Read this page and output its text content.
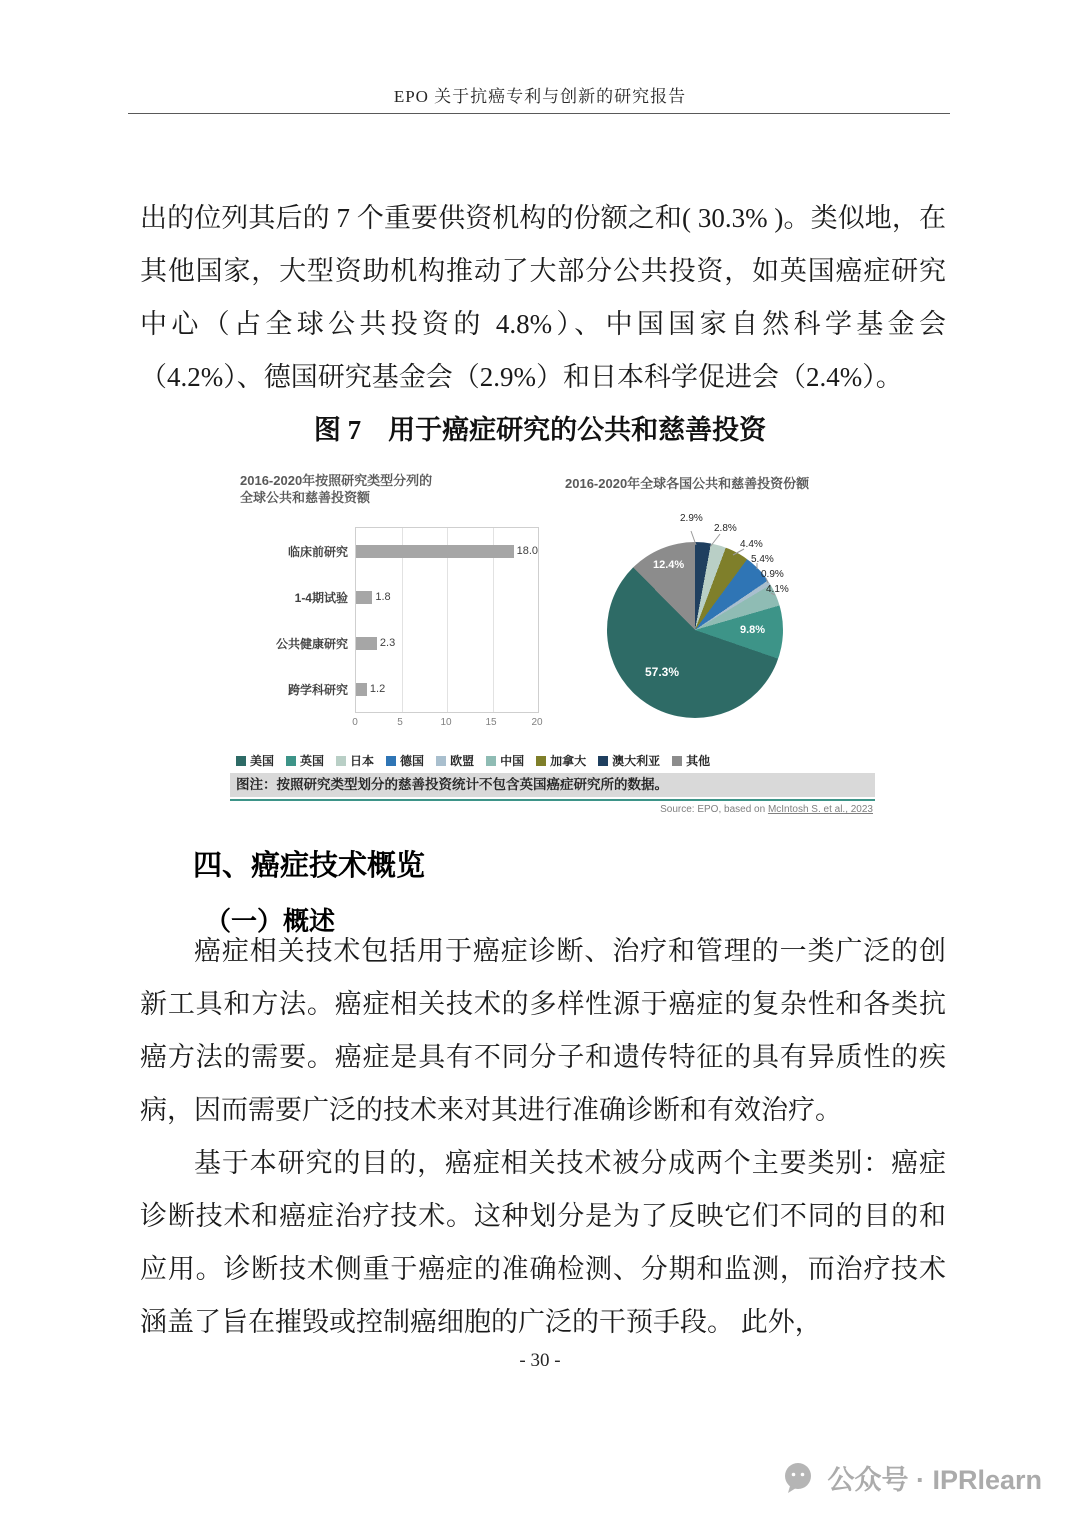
EPO 关于抗癌专利与创新的研究报告
出的位列其后的 7 个重要供资机构的份额之和( 30.3% )。类似地，在其他国家，大型资助机构推动了大部分公共投资，如英国癌症研究中心（占全球公共投资的 4.8%）、中国国家自然科学基金会（4.2%）、德国研究基金会（2.9%）和日本科学促进会（2.4%）。
图 7　用于癌症研究的公共和慈善投资
2016-2020年按照研究类型分列的
全球公共和慈善投资额
2016-2020年全球各国公共和慈善投资份额
临床前研究
1-4期试验
公共健康研究
跨学科研究
18.0
1.8
2.3
1.2
0	5	10	15	20
2.9%
2.8%
4.4%
5.4%
0.9%
4.1%
9.8%
57.3%
12.4%
美国 英国 日本 德国 欧盟 中国 加拿大 澳大利亚 其他
图注：按照研究类型划分的慈善投资统计不包含英国癌症研究所的数据。
Source: EPO, based on McIntosh S. et al., 2023
四、癌症技术概览
（一）概述
癌症相关技术包括用于癌症诊断、治疗和管理的一类广泛的创新工具和方法。癌症相关技术的多样性源于癌症的复杂性和各类抗癌方法的需要。癌症是具有不同分子和遗传特征的具有异质性的疾病，因而需要广泛的技术来对其进行准确诊断和有效治疗。
基于本研究的目的，癌症相关技术被分成两个主要类别：癌症诊断技术和癌症治疗技术。这种划分是为了反映它们不同的目的和应用。诊断技术侧重于癌症的准确检测、分期和监测，而治疗技术涵盖了旨在摧毁或控制癌细胞的广泛的干预手段。 此外，
- 30 -
公众号 · IPRlearn
